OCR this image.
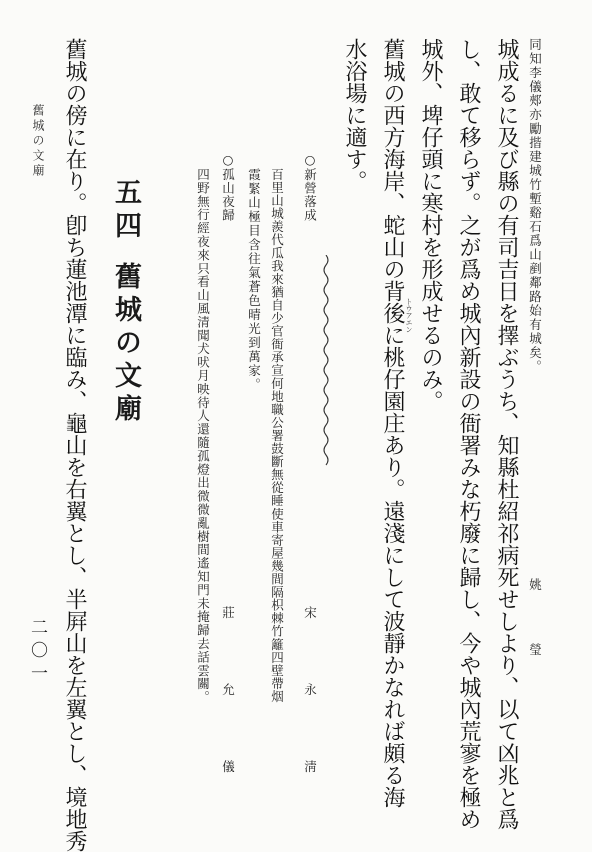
同知李儀郟亦勵揩建城竹塹谿石爲山剷鄰路始有城矣。
姚　瑩
城成るに及び縣の有司吉日を擇ぶうち、知縣杜紹祁病死せしより、以て凶兆と爲
し、敢て移らず。之が爲め城內新設の衙署みな朽廢に歸し、今や城內荒寥を極め
城外、埤仔頭に寒村を形成せるのみ。
舊城の西方海岸、蛇山の背後に桃仔園庄あり。遠淺にして波靜かなれば頗る海
水浴場に適す。
トウアエン
○新營落成
宋　永　淸
百里山城羨代瓜我來猶自少官衙承宣何地職公署鼓斷無從睡使車寄屋幾間隔枳棘竹籬四壁帶烟
霞緊山極目含往氣蒼色晴光到萬家。
○孤山夜歸
莊　允　儀
四野無行經夜來只看山風清聞犬吠月映待人還隨孤燈出微微亂樹間遙知門未掩歸去話雲關。
五四
舊城の文廟
舊城の傍に在り。卽ち蓮池潭に臨み、龜山を右翼とし、半屛山を左翼とし、境地秀
舊城の文廟
二〇一
